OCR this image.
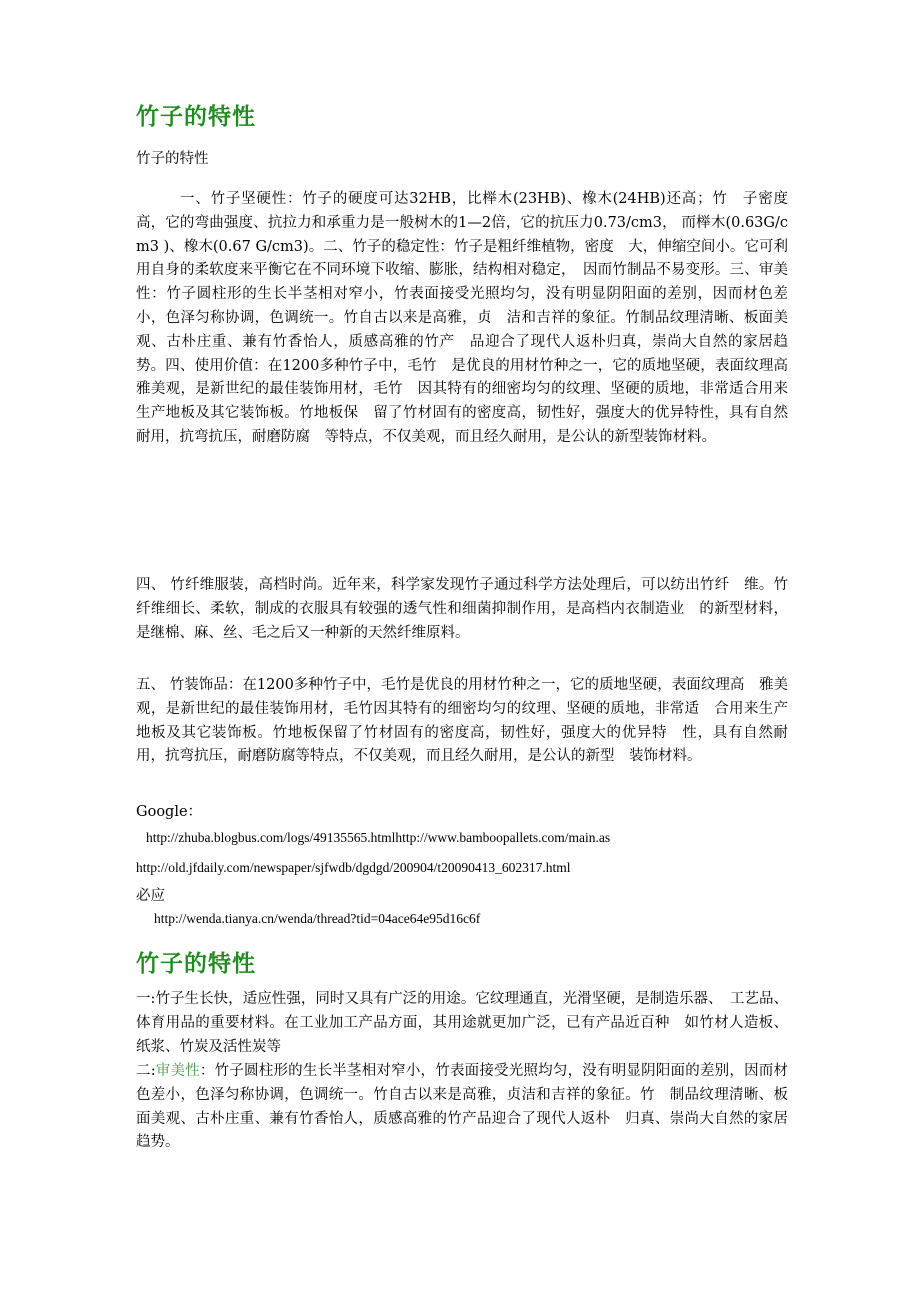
竹子的特性
竹子的特性
一、竹子坚硬性：竹子的硬度可达32HB，比榉木(23HB)、橡木(24HB)还高；竹　子密度高，它的弯曲强度、抗拉力和承重力是一般树木的1—2倍，它的抗压力0.73/cm3， 而榉木(0.63G/cm3 )、橡木(0.67 G/cm3)。二、竹子的稳定性：竹子是粗纤维植物，密度　大，伸缩空间小。它可利用自身的柔软度来平衡它在不同环境下收缩、膨胀，结构相对稳定，　因而竹制品不易变形。三、审美性：竹子圆柱形的生长半茎相对窄小，竹表面接受光照均匀，没有明显阴阳面的差别，因而材色差小，色泽匀称协调，色调统一。竹自古以来是高雅，贞　洁和吉祥的象征。竹制品纹理清晰、板面美观、古朴庄重、兼有竹香怡人，质感高雅的竹产　品迎合了现代人返朴归真，崇尚大自然的家居趋势。四、使用价值：在1200多种竹子中，毛竹　是优良的用材竹种之一，它的质地坚硬，表面纹理高雅美观，是新世纪的最佳装饰用材，毛竹　因其特有的细密均匀的纹理、坚硬的质地，非常适合用来生产地板及其它装饰板。竹地板保　留了竹材固有的密度高，韧性好，强度大的优异特性，具有自然耐用，抗弯抗压，耐磨防腐　等特点，不仅美观，而且经久耐用，是公认的新型装饰材料。
四、 竹纤维服装，高档时尚。近年来，科学家发现竹子通过科学方法处理后，可以纺出竹纤　维。竹纤维细长、柔软，制成的衣服具有较强的透气性和细菌抑制作用，是高档内衣制造业　的新型材料，是继棉、麻、丝、毛之后又一种新的天然纤维原料。
五、 竹装饰品：在1200多种竹子中，毛竹是优良的用材竹种之一，它的质地坚硬，表面纹理高　雅美观，是新世纪的最佳装饰用材，毛竹因其特有的细密均匀的纹理、坚硬的质地，非常适　合用来生产地板及其它装饰板。竹地板保留了竹材固有的密度高，韧性好，强度大的优异特　性，具有自然耐用，抗弯抗压，耐磨防腐等特点，不仅美观，而且经久耐用，是公认的新型　装饰材料。
Google：
http://zhuba.blogbus.com/logs/49135565.htmlhttp://www.bamboopallets.com/main.as
http://old.jfdaily.com/newspaper/sjfwdb/dgdgd/200904/t20090413_602317.html
必应
http://wenda.tianya.cn/wenda/thread?tid=04ace64e95d16c6f
竹子的特性
一:竹子生长快，适应性强，同时又具有广泛的用途。它纹理通直，光滑坚硬，是制造乐器、　工艺品、体育用品的重要材料。在工业加工产品方面，其用途就更加广泛，已有产品近百种　如竹材人造板、纸浆、竹炭及活性炭等
二:审美性：竹子圆柱形的生长半茎相对窄小，竹表面接受光照均匀，没有明显阴阳面的差别，因而材色差小，色泽匀称协调，色调统一。竹自古以来是高雅，贞洁和吉祥的象征。竹　制品纹理清晰、板面美观、古朴庄重、兼有竹香怡人，质感高雅的竹产品迎合了现代人返朴　归真、崇尚大自然的家居趋势。
